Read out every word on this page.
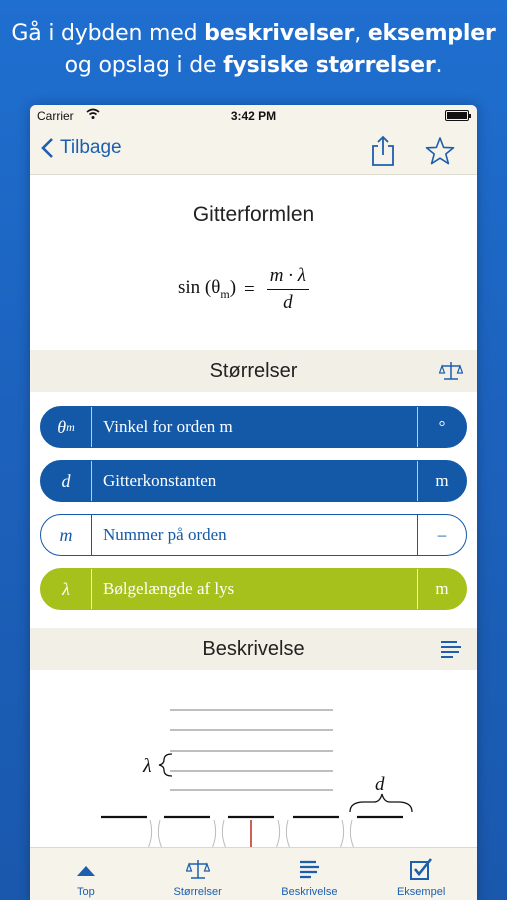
Gå i dybden med beskrivelser, eksempler
og opslag i de fysiske størrelser.
Carrier	3:42 PM
Tilbage
Gitterformlen
$\sin (\theta_m) = \frac{m \cdot \lambda}{d}$
Størrelser
θ m	Vinkel for orden m	°
d	Gitterkonstanten	m
m	Nummer på orden	–
λ	Bølgelængde af lys	m
Beskrivelse
λ
d
Top	Størrelser	Beskrivelse	Eksempel
